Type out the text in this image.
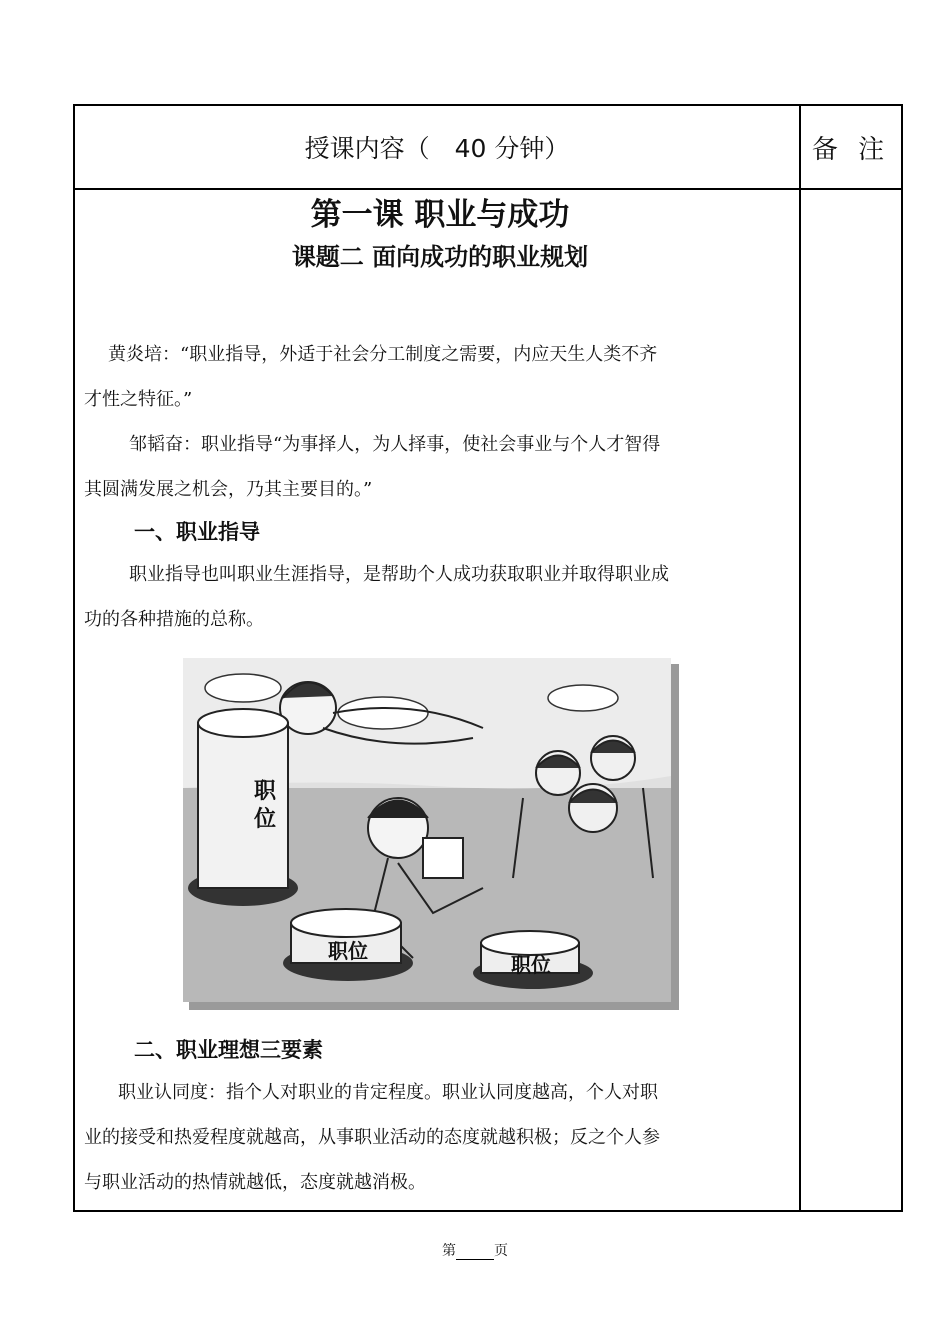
授课内容（　40 分钟）	备 注
第一课 职业与成功
课题二 面向成功的职业规划

黄炎培：“职业指导，外适于社会分工制度之需要，内应天生人类不齐

才性之特征。”

邹韬奋：职业指导“为事择人，为人择事，使社会事业与个人才智得

其圆满发展之机会，乃其主要目的。”

一、职业指导

职业指导也叫职业生涯指导，是帮助个人成功获取职业并取得职业成

功的各种措施的总称。

职位
职位
职位
二、职业理想三要素

职业认同度：指个人对职业的肯定程度。职业认同度越高，个人对职

业的接受和热爱程度就越高，从事职业活动的态度就越积极；反之个人参

与职业活动的热情就越低，态度就越消极。

第	页
